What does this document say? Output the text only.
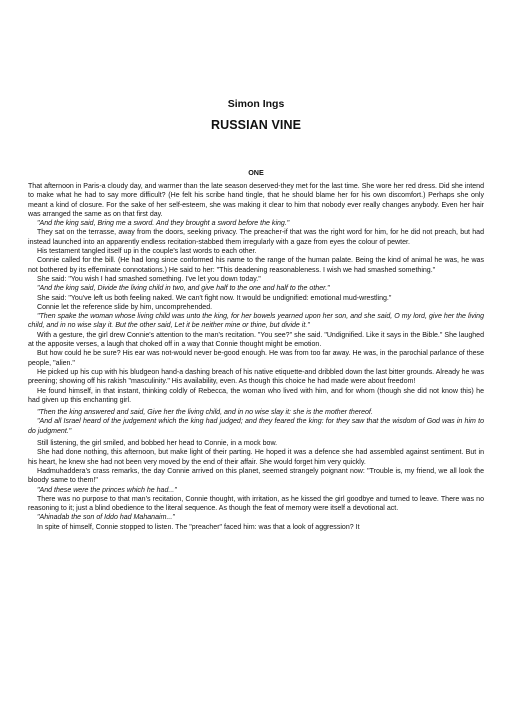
Simon Ings
RUSSIAN VINE
ONE

That afternoon in Paris-a cloudy day, and warmer than the late season deserved-they met for the last time. She wore her red dress. Did she intend to make what he had to say more difficult? (He felt his scribe hand tingle, that he should blame her for his own discomfort.) Perhaps she only meant a kind of closure. For the sake of her self-esteem, she was making it clear to him that nobody ever really changes anybody. Even her hair was arranged the same as on that first day.

"And the king said, Bring me a sword. And they brought a sword before the king."

They sat on the terrasse, away from the doors, seeking privacy. The preacher-if that was the right word for him, for he did not preach, but had instead launched into an apparently endless recitation-stabbed them irregularly with a gaze from eyes the colour of pewter.

His testament tangled itself up in the couple's last words to each other.

Connie called for the bill. (He had long since conformed his name to the range of the human palate. Being the kind of animal he was, he was not bothered by its effeminate connotations.) He said to her: "This deadening reasonableness. I wish we had smashed something."

She said: "You wish I had smashed something. I've let you down today."

"And the king said, Divide the living child in two, and give half to the one and half to the other."

She said: "You've left us both feeling naked. We can't fight now. It would be undignified: emotional mud-wrestling."

Connie let the reference slide by him, uncomprehended.

"Then spake the woman whose living child was unto the king, for her bowels yearned upon her son, and she said, O my lord, give her the living child, and in no wise slay it. But the other said, Let it be neither mine or thine, but divide it."

With a gesture, the girl drew Connie's attention to the man's recitation. "You see?" she said. "Undignified. Like it says in the Bible." She laughed at the apposite verses, a laugh that choked off in a way that Connie thought might be emotion.

But how could he be sure? His ear was not-would never be-good enough. He was from too far away. He was, in the parochial parlance of these people, "alien."

He picked up his cup with his bludgeon hand-a dashing breach of his native etiquette-and dribbled down the last bitter grounds. Already he was preening; showing off his rakish "masculinity." His availability, even. As though this choice he had made were about freedom!

He found himself, in that instant, thinking coldly of Rebecca, the woman who lived with him, and for whom (though she did not know this) he had given up this enchanting girl.

"Then the king answered and said, Give her the living child, and in no wise slay it: she is the mother thereof.

"And all Israel heard of the judgement which the king had judged; and they feared the king: for they saw that the wisdom of God was in him to do judgment."

Still listening, the girl smiled, and bobbed her head to Connie, in a mock bow.

She had done nothing, this afternoon, but make light of their parting. He hoped it was a defence she had assembled against sentiment. But in his heart, he knew she had not been very moved by the end of their affair. She would forget him very quickly.

Hadmuhaddera's crass remarks, the day Connie arrived on this planet, seemed strangely poignant now: "Trouble is, my friend, we all look the bloody same to them!"

"And these were the princes which he had..."

There was no purpose to that man's recitation, Connie thought, with irritation, as he kissed the girl goodbye and turned to leave. There was no reasoning to it; just a blind obedience to the literal sequence. As though the feat of memory were itself a devotional act.

"Ahinadab the son of Iddo had Mahanaim..."

In spite of himself, Connie stopped to listen. The "preacher" faced him: was that a look of aggression? It
